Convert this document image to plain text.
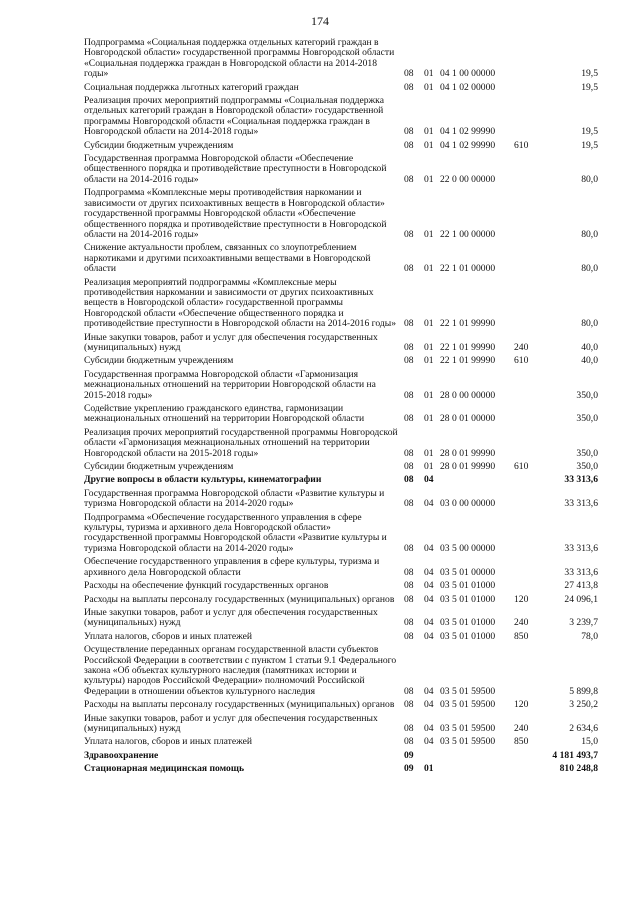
174
Подпрограмма «Социальная поддержка отдельных категорий граждан в Новгородской области» государственной программы Новгородской области «Социальная поддержка граждан в Новгородской области на 2014-2018 годы»	08	01	04 1 00 00000		19,5
Социальная поддержка льготных категорий граждан	08	01	04 1 02 00000		19,5
Реализация прочих мероприятий подпрограммы «Социальная поддержка отдельных категорий граждан в Новгородской области» государственной программы Новгородской области «Социальная поддержка граждан в Новгородской области на 2014-2018 годы»	08	01	04 1 02 99990		19,5
Субсидии бюджетным учреждениям	08	01	04 1 02 99990	610	19,5
Государственная программа Новгородской области «Обеспечение общественного порядка и противодействие преступности в Новгородской области на 2014-2016 годы»	08	01	22 0 00 00000		80,0
Подпрограмма «Комплексные меры противодействия наркомании и зависимости от других психоактивных веществ в Новгородской области» государственной программы Новгородской области «Обеспечение общественного порядка и противодействие преступности в Новгородской области на 2014-2016 годы»	08	01	22 1 00 00000		80,0
Снижение актуальности проблем, связанных со злоупотреблением наркотиками и другими психоактивными веществами в Новгородской области	08	01	22 1 01 00000		80,0
Реализация мероприятий подпрограммы «Комплексные меры противодействия наркомании и зависимости от других психоактивных веществ в Новгородской области» государственной программы Новгородской области «Обеспечение общественного порядка и противодействие преступности в Новгородской области на 2014-2016 годы»	08	01	22 1 01 99990		80,0
Иные закупки товаров, работ и услуг для обеспечения государственных (муниципальных) нужд	08	01	22 1 01 99990	240	40,0
Субсидии бюджетным учреждениям	08	01	22 1 01 99990	610	40,0
Государственная программа Новгородской области «Гармонизация межнациональных отношений на территории Новгородской области на 2015-2018 годы»	08	01	28 0 00 00000		350,0
Содействие укреплению гражданского единства, гармонизации межнациональных отношений на территории Новгородской области	08	01	28 0 01 00000		350,0
Реализация прочих мероприятий государственной программы Новгородской области «Гармонизация межнациональных отношений на территории Новгородской области на 2015-2018 годы»	08	01	28 0 01 99990		350,0
Субсидии бюджетным учреждениям	08	01	28 0 01 99990	610	350,0
Другие вопросы в области культуры, кинематографии	08	04			33 313,6
Государственная программа Новгородской области «Развитие культуры и туризма Новгородской области на 2014-2020 годы»	08	04	03 0 00 00000		33 313,6
Подпрограмма «Обеспечение государственного управления в сфере культуры, туризма и архивного дела Новгородской области» государственной программы Новгородской области «Развитие культуры и туризма Новгородской области на 2014-2020 годы»	08	04	03 5 00 00000		33 313,6
Обеспечение государственного управления в сфере культуры, туризма и архивного дела Новгородской области	08	04	03 5 01 00000		33 313,6
Расходы на обеспечение функций государственных органов	08	04	03 5 01 01000		27 413,8
Расходы на выплаты персоналу государственных (муниципальных) органов	08	04	03 5 01 01000	120	24 096,1
Иные закупки товаров, работ и услуг для обеспечения государственных (муниципальных) нужд	08	04	03 5 01 01000	240	3 239,7
Уплата налогов, сборов и иных платежей	08	04	03 5 01 01000	850	78,0
Осуществление переданных органам государственной власти субъектов Российской Федерации в соответствии с пунктом 1 статьи 9.1 Федерального закона «Об объектах культурного наследия (памятниках истории и культуры) народов Российской Федерации» полномочий Российской Федерации в отношении объектов культурного наследия	08	04	03 5 01 59500		5 899,8
Расходы на выплаты персоналу государственных (муниципальных) органов	08	04	03 5 01 59500	120	3 250,2
Иные закупки товаров, работ и услуг для обеспечения государственных (муниципальных) нужд	08	04	03 5 01 59500	240	2 634,6
Уплата налогов, сборов и иных платежей	08	04	03 5 01 59500	850	15,0
Здравоохранение	09				4 181 493,7
Стационарная медицинская помощь	09	01			810 248,8
